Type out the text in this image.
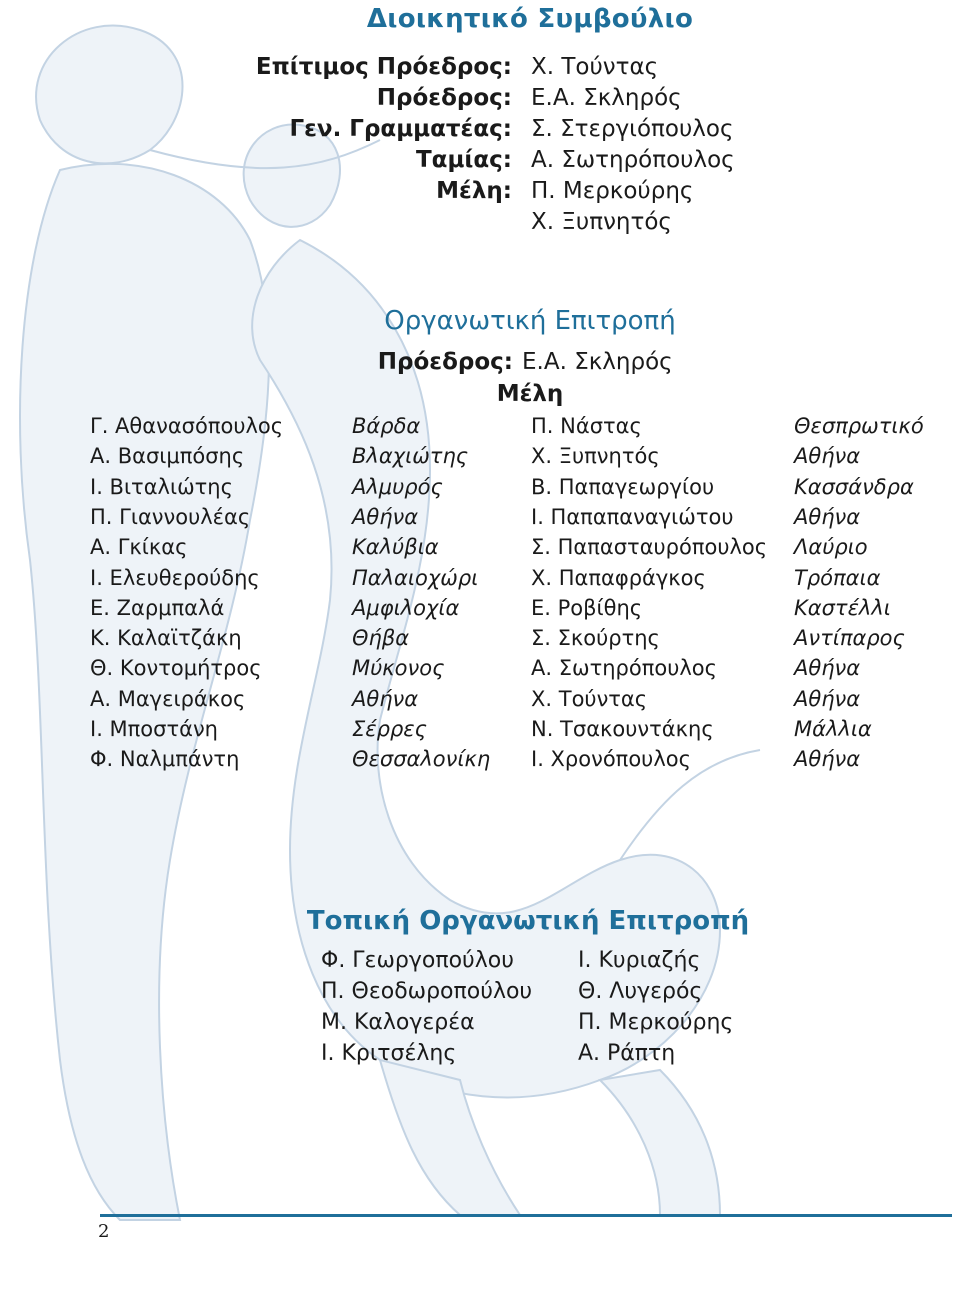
Διοικητικό Συμβούλιο
Επίτιμος Πρόεδρος: Χ. Τούντας
Πρόεδρος: Ε.Α. Σκληρός
Γεν. Γραμματέας: Σ. Στεργιόπουλος
Ταμίας: Α. Σωτηρόπουλος
Μέλη: Π. Μερκούρης
Χ. Ξυπνητός
Οργανωτική Επιτροπή
Πρόεδρος: Ε.Α. Σκληρός
Μέλη
Γ. Αθανασόπουλος	Βάρδα	Π. Νάστας	Θεσπρωτικό
Α. Βασιμπόσης	Βλαχιώτης	Χ. Ξυπνητός	Αθήνα
Ι. Βιταλιώτης	Αλμυρός	Β. Παπαγεωργίου	Κασσάνδρα
Π. Γιαννουλέας	Αθήνα	Ι. Παπαπαναγιώτου	Αθήνα
Α. Γκίκας	Καλύβια	Σ. Παπασταυρόπουλος Λαύριο
Ι. Ελευθερούδης	Παλαιοχώρι	Χ. Παπαφράγκος	Τρόπαια
Ε. Ζαρμπαλά	Αμφιλοχία	Ε. Ροβίθης	Καστέλλι
Κ. Καλαϊτζάκη	Θήβα	Σ. Σκούρτης	Αντίπαρος
Θ. Κοντομήτρος	Μύκονος	Α. Σωτηρόπουλος	Αθήνα
Α. Μαγειράκος	Αθήνα	Χ. Τούντας	Αθήνα
Ι. Μποστάνη	Σέρρες	Ν. Τσακουντάκης	Μάλλια
Φ. Ναλμπάντη	Θεσσαλονίκη Ι. Χρονόπουλος	Αθήνα
Τοπική Οργανωτική Επιτροπή
Φ. Γεωργοπούλου	Ι. Κυριαζής
Π. Θεοδωροπούλου Θ. Λυγερός
Μ. Καλογερέα	Π. Μερκούρης
Ι. Κριτσέλης	Α. Ράπτη
2
